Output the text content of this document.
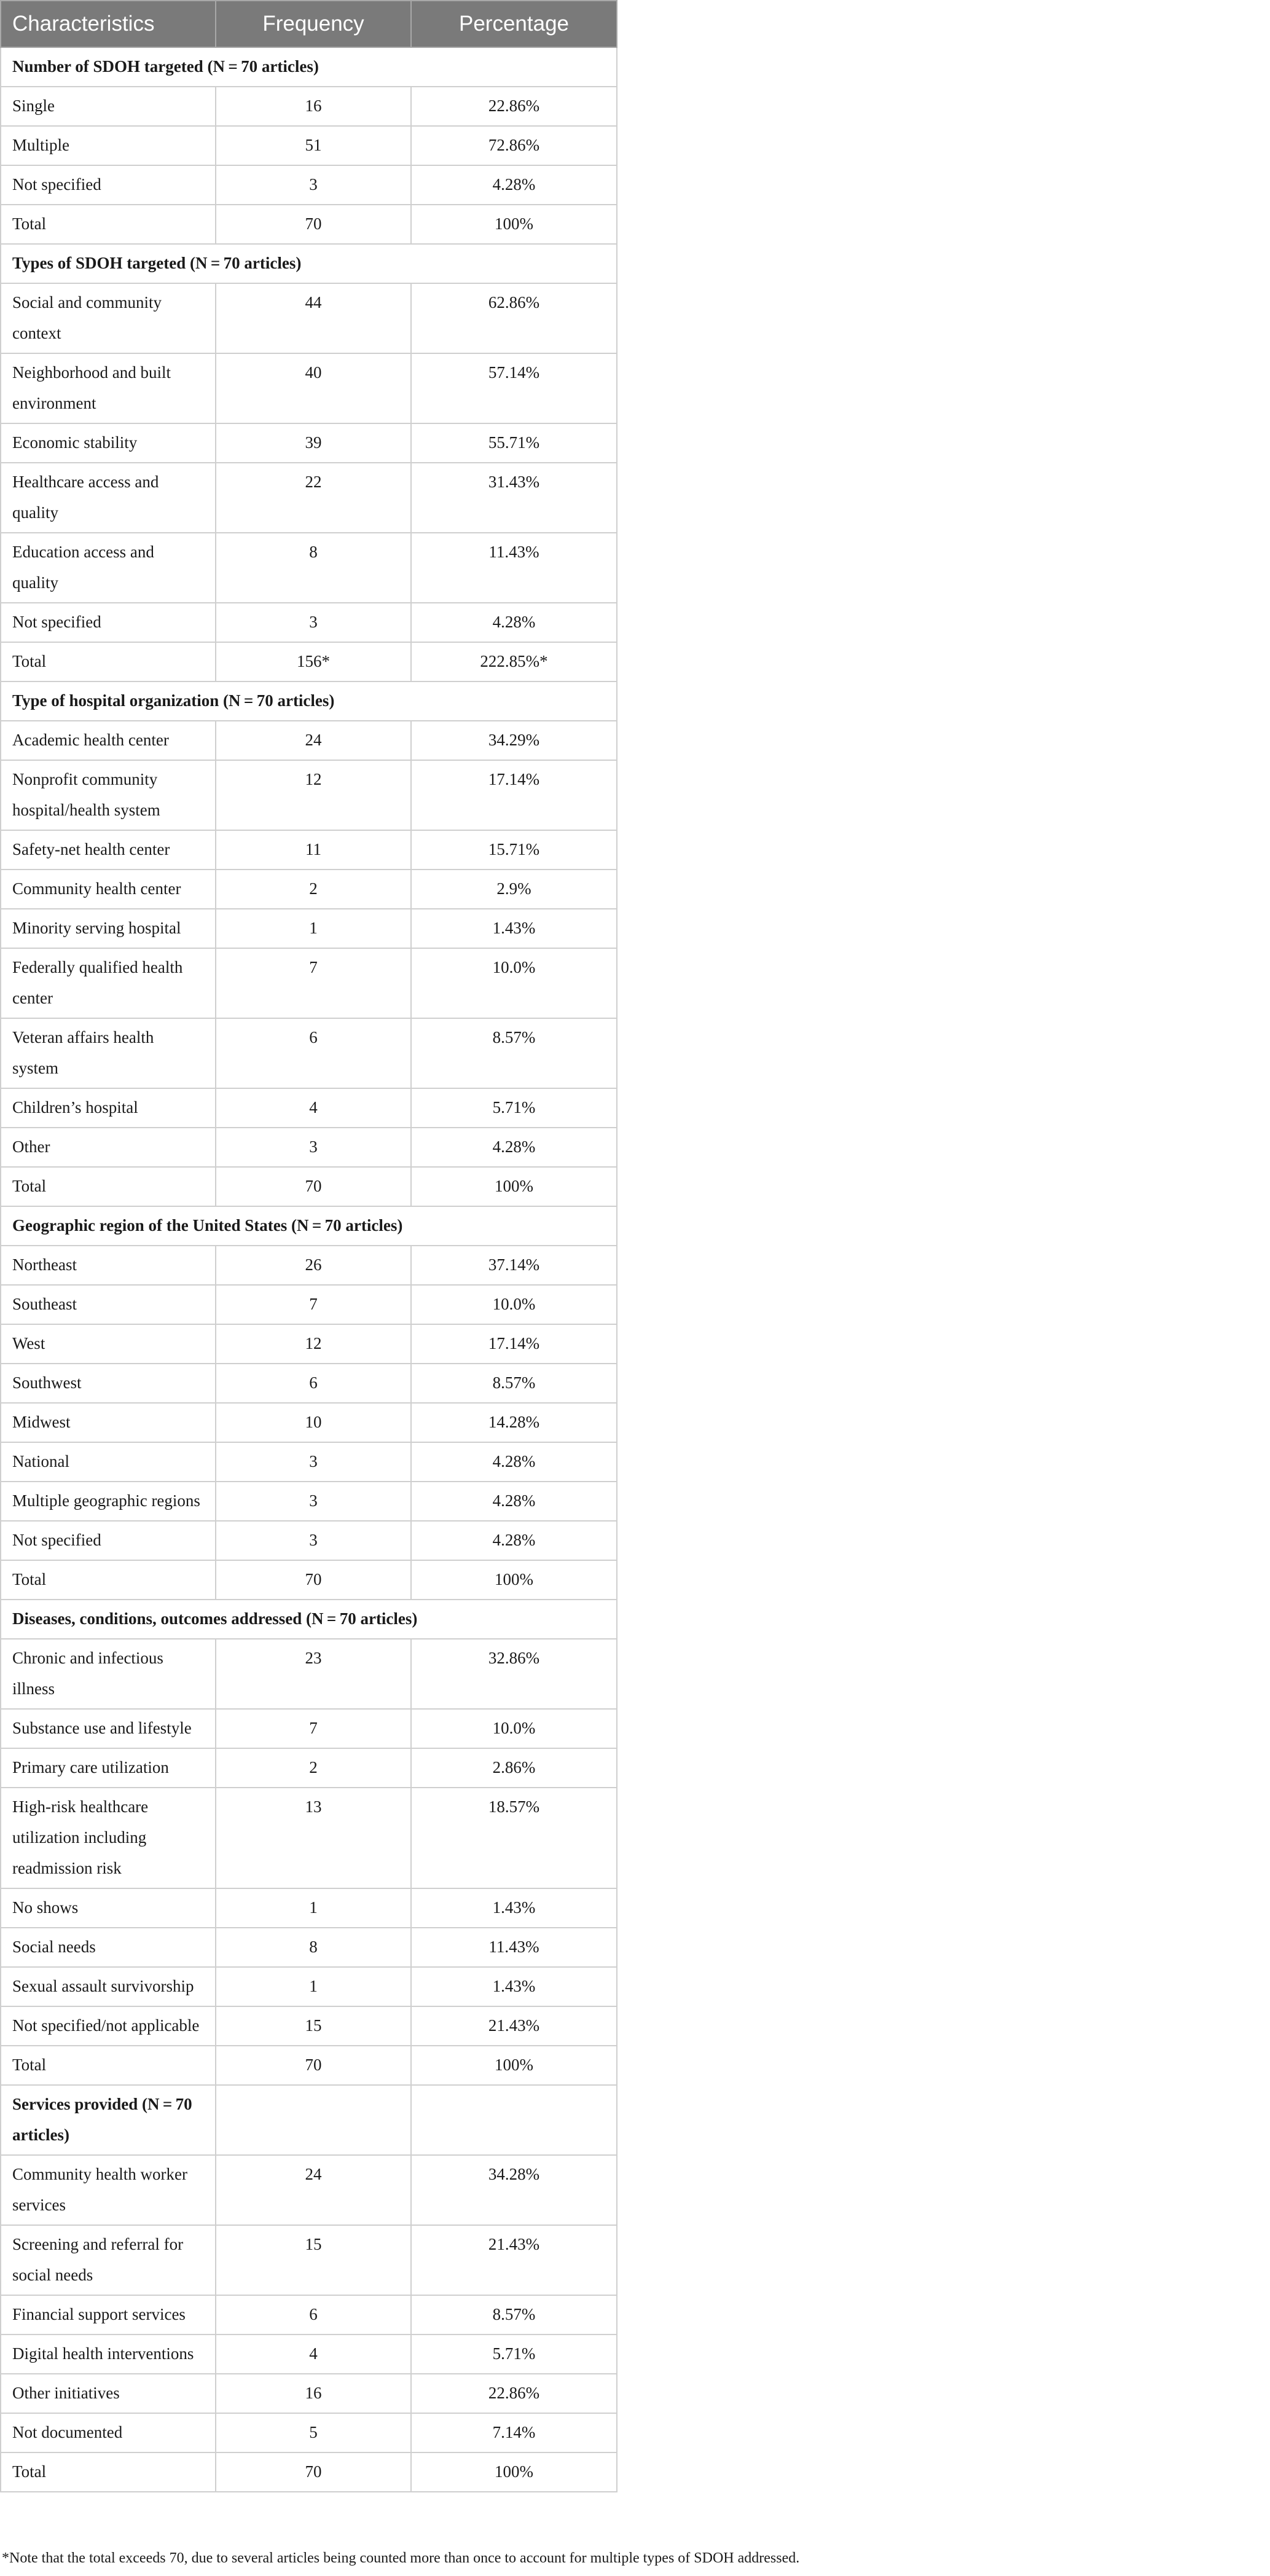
Characteristics	Frequency	Percentage
Number of SDOH targeted (N = 70 articles)		
Single	16	22.86%
Multiple	51	72.86%
Not specified	3	4.28%
Total	70	100%
Types of SDOH targeted (N = 70 articles)		
Social and community context	44	62.86%
Neighborhood and built environment	40	57.14%
Economic stability	39	55.71%
Healthcare access and quality	22	31.43%
Education access and quality	8	11.43%
Not specified	3	4.28%
Total	156*	222.85%*
Type of hospital organization (N = 70 articles)		
Academic health center	24	34.29%
Nonprofit community hospital/health system	12	17.14%
Safety-net health center	11	15.71%
Community health center	2	2.9%
Minority serving hospital	1	1.43%
Federally qualified health center	7	10.0%
Veteran affairs health system	6	8.57%
Children’s hospital	4	5.71%
Other	3	4.28%
Total	70	100%
Geographic region of the United States (N = 70 articles)		
Northeast	26	37.14%
Southeast	7	10.0%
West	12	17.14%
Southwest	6	8.57%
Midwest	10	14.28%
National	3	4.28%
Multiple geographic regions	3	4.28%
Not specified	3	4.28%
Total	70	100%
Diseases, conditions, outcomes addressed (N = 70 articles)		
Chronic and infectious illness	23	32.86%
Substance use and lifestyle	7	10.0%
Primary care utilization	2	2.86%
High-risk healthcare utilization including readmission risk	13	18.57%
No shows	1	1.43%
Social needs	8	11.43%
Sexual assault survivorship	1	1.43%
Not specified/not applicable	15	21.43%
Total	70	100%
Services provided (N = 70 articles)		
Community health worker services	24	34.28%
Screening and referral for social needs	15	21.43%
Financial support services	6	8.57%
Digital health interventions	4	5.71%
Other initiatives	16	22.86%
Not documented	5	7.14%
Total	70	100%
*Note that the total exceeds 70, due to several articles being counted more than once to account for multiple types of SDOH addressed.
